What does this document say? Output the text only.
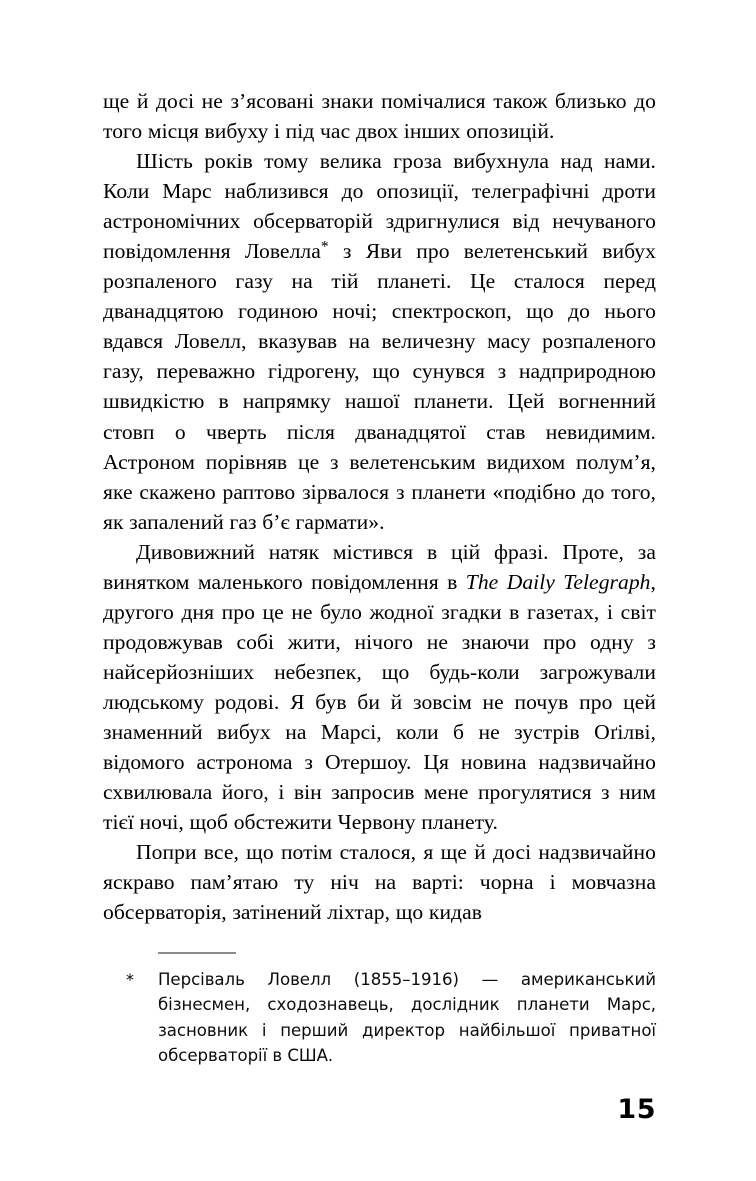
ще й досі не з’ясовані знаки помічалися також близько до того місця вибуху і під час двох інших опозицій.

Шість років тому велика гроза вибухнула над нами. Коли Марс наблизився до опозиції, телеграфічні дроти астрономічних обсерваторій здригнулися від нечуваного повідомлення Ловелла* з Яви про велетенський вибух розпаленого газу на тій планеті. Це сталося перед дванадцятою годиною ночі; спектроскоп, що до нього вдався Ловелл, вказував на величезну масу розпаленого газу, переважно гідрогену, що сунувся з надприродною швидкістю в напрямку нашої планети. Цей вогненний стовп о чверть після дванадцятої став невидимим. Астроном порівняв це з велетенським видихом полум’я, яке скажено раптово зірвалося з планети «подібно до того, як запалений газ б’є гармати».

Дивовижний натяк містився в цій фразі. Проте, за винятком маленького повідомлення в The Daily Telegraph, другого дня про це не було жодної згадки в газетах, і світ продовжував собі жити, нічого не знаючи про одну з найсерйозніших небезпек, що будь-коли загрожували людському родові. Я був би й зовсім не почув про цей знаменний вибух на Марсі, коли б не зустрів Оґілві, відомого астронома з Отершоу. Ця новина надзвичайно схвилювала його, і він запросив мене прогулятися з ним тієї ночі, щоб обстежити Червону планету.

Попри все, що потім сталося, я ще й досі надзвичайно яскраво пам’ятаю ту ніч на варті: чорна і мовчазна обсерваторія, затінений ліхтар, що кидав

*	Персіваль Ловелл (1855–1916) — американський бізнесмен, сходознавець, дослідник планети Марс, засновник і перший директор найбільшої приватної обсерваторії в США.
15
